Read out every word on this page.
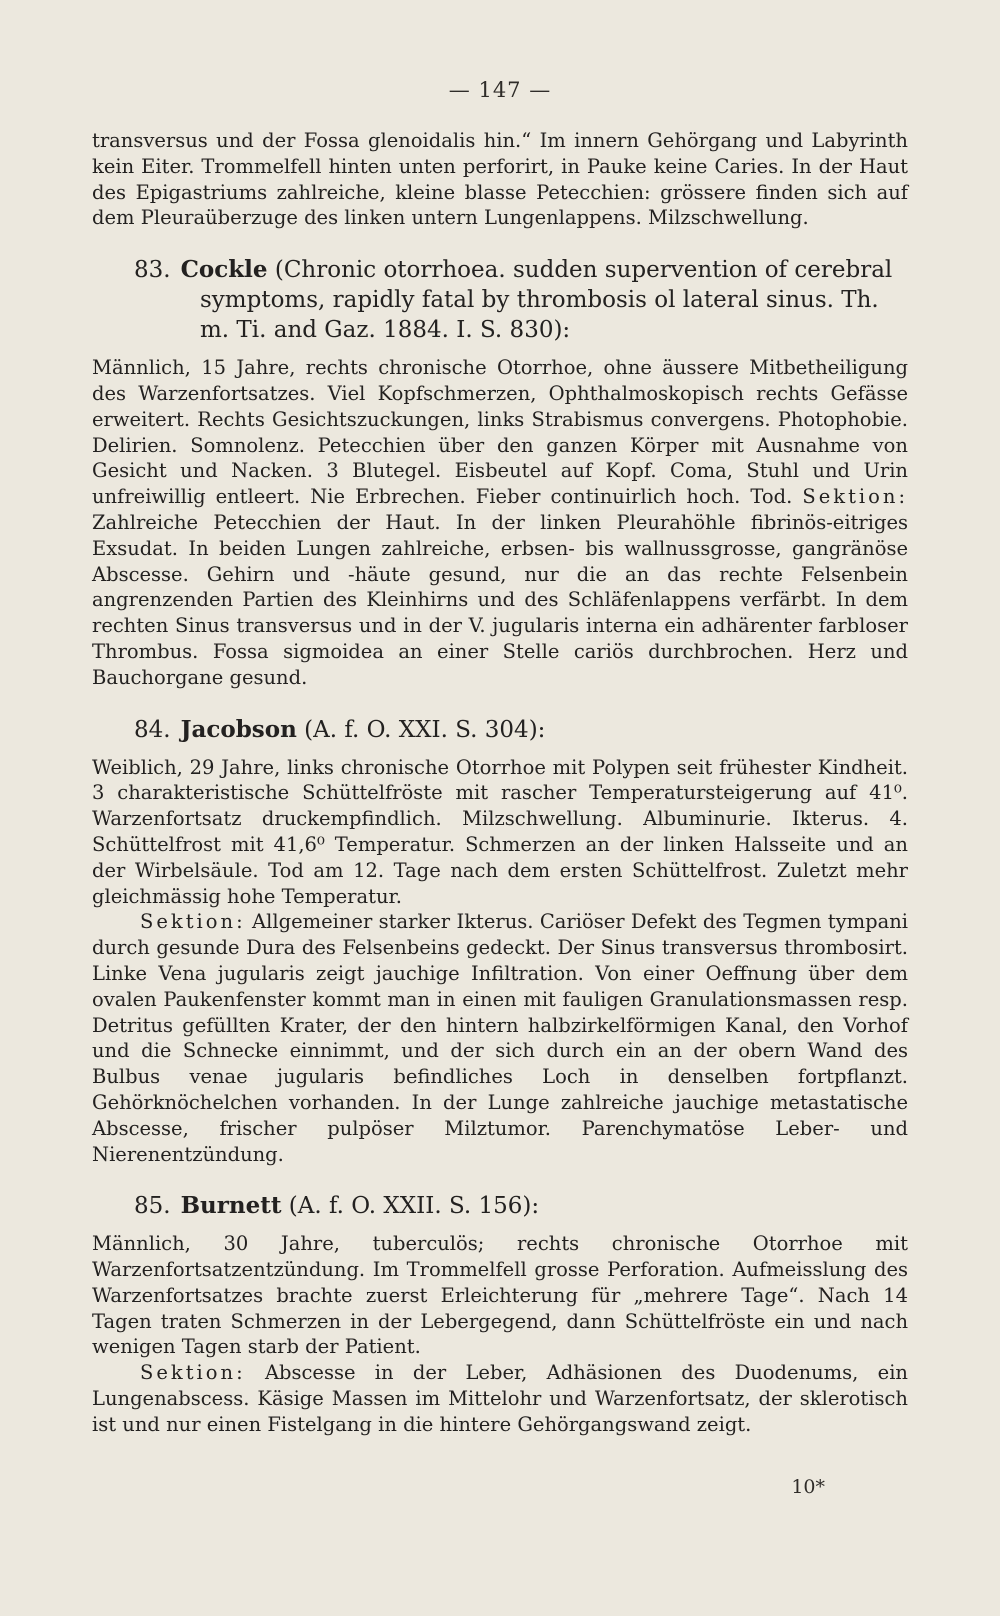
— 147 —

transversus und der Fossa glenoidalis hin.“ Im innern Gehörgang und Labyrinth kein Eiter. Trommelfell hinten unten perforirt, in Pauke keine Caries. In der Haut des Epigastriums zahlreiche, kleine blasse Petecchien: grössere finden sich auf dem Pleuraüberzuge des linken untern Lungenlappens. Milzschwellung.

83. Cockle (Chronic otorrhoea. sudden supervention of cerebral symptoms, rapidly fatal by thrombosis ol lateral sinus. Th. m. Ti. and Gaz. 1884. I. S. 830):

Männlich, 15 Jahre, rechts chronische Otorrhoe, ohne äussere Mitbetheiligung des Warzenfortsatzes. Viel Kopfschmerzen, Ophthalmoskopisch rechts Gefässe erweitert. Rechts Gesichtszuckungen, links Strabismus convergens. Photophobie. Delirien. Somnolenz. Petecchien über den ganzen Körper mit Ausnahme von Gesicht und Nacken. 3 Blutegel. Eisbeutel auf Kopf. Coma, Stuhl und Urin unfreiwillig entleert. Nie Erbrechen. Fieber continuirlich hoch. Tod. Sektion: Zahlreiche Petecchien der Haut. In der linken Pleurahöhle fibrinös-eitriges Exsudat. In beiden Lungen zahlreiche, erbsen- bis wallnussgrosse, gangränöse Abscesse. Gehirn und -häute gesund, nur die an das rechte Felsenbein angrenzenden Partien des Kleinhirns und des Schläfenlappens verfärbt. In dem rechten Sinus transversus und in der V. jugularis interna ein adhärenter farbloser Thrombus. Fossa sigmoidea an einer Stelle cariös durchbrochen. Herz und Bauchorgane gesund.

84. Jacobson (A. f. O. XXI. S. 304):

Weiblich, 29 Jahre, links chronische Otorrhoe mit Polypen seit frühester Kindheit. 3 charakteristische Schüttelfröste mit rascher Temperatursteigerung auf 41⁰. Warzenfortsatz druckempfindlich. Milzschwellung. Albuminurie. Ikterus. 4. Schüttelfrost mit 41,6⁰ Temperatur. Schmerzen an der linken Halsseite und an der Wirbelsäule. Tod am 12. Tage nach dem ersten Schüttelfrost. Zuletzt mehr gleichmässig hohe Temperatur.

Sektion: Allgemeiner starker Ikterus. Cariöser Defekt des Tegmen tympani durch gesunde Dura des Felsenbeins gedeckt. Der Sinus transversus thrombosirt. Linke Vena jugularis zeigt jauchige Infiltration. Von einer Oeffnung über dem ovalen Paukenfenster kommt man in einen mit fauligen Granulationsmassen resp. Detritus gefüllten Krater, der den hintern halbzirkelförmigen Kanal, den Vorhof und die Schnecke einnimmt, und der sich durch ein an der obern Wand des Bulbus venae jugularis befindliches Loch in denselben fortpflanzt. Gehörknöchelchen vorhanden. In der Lunge zahlreiche jauchige metastatische Abscesse, frischer pulpöser Milztumor. Parenchymatöse Leber- und Nierenentzündung.

85. Burnett (A. f. O. XXII. S. 156):

Männlich, 30 Jahre, tuberculös; rechts chronische Otorrhoe mit Warzenfortsatzentzündung. Im Trommelfell grosse Perforation. Aufmeisslung des Warzenfortsatzes brachte zuerst Erleichterung für „mehrere Tage“. Nach 14 Tagen traten Schmerzen in der Lebergegend, dann Schüttelfröste ein und nach wenigen Tagen starb der Patient.

Sektion: Abscesse in der Leber, Adhäsionen des Duodenums, ein Lungenabscess. Käsige Massen im Mittelohr und Warzenfortsatz, der sklerotisch ist und nur einen Fistelgang in die hintere Gehörgangswand zeigt.

10*
